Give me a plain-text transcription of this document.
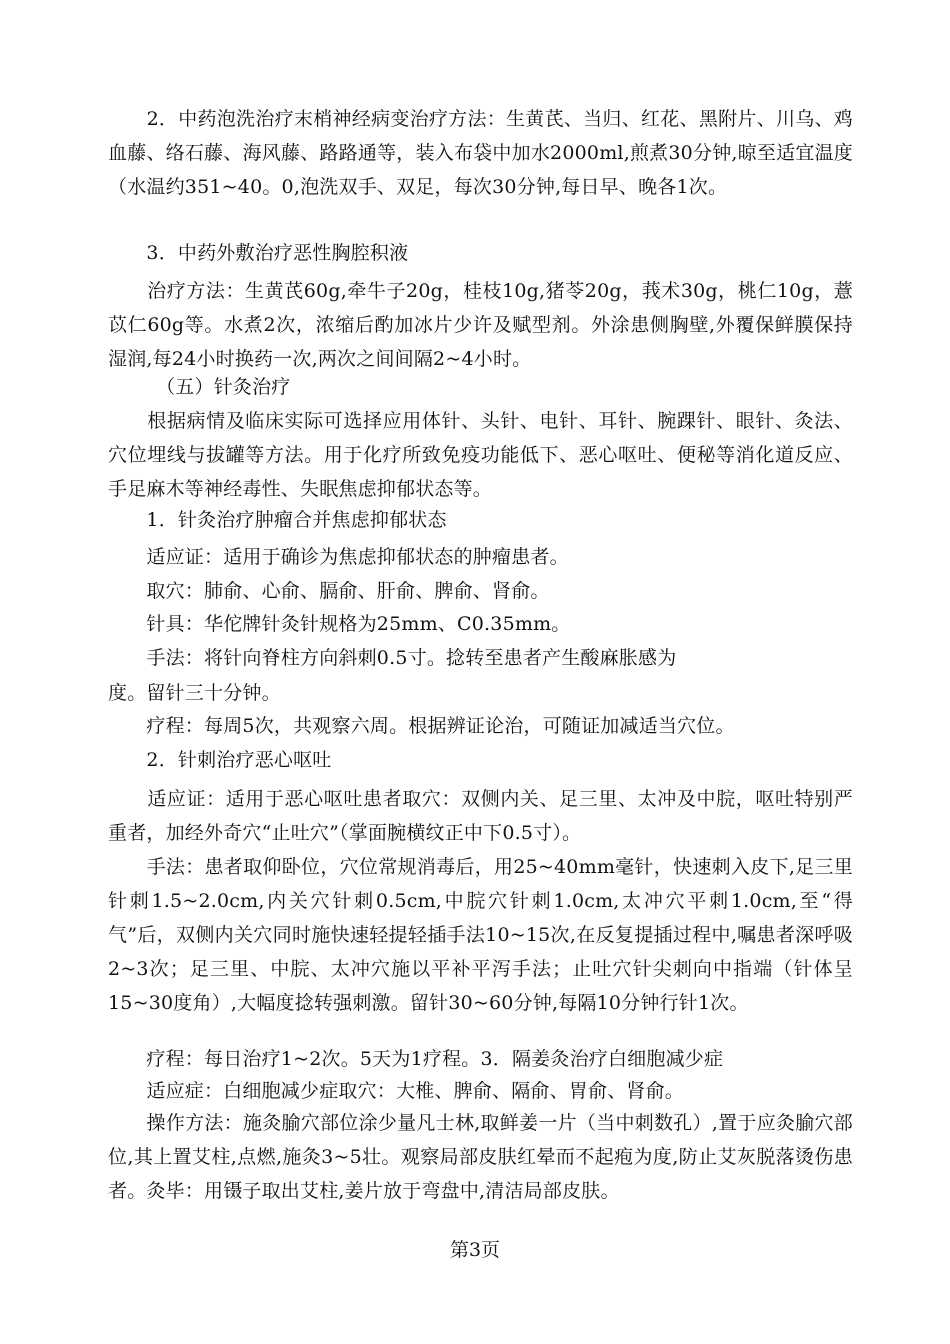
　　2．中药泡洗治疗末梢神经病变治疗方法：生黄芪、当归、红花、黑附片、川乌、鸡血藤、络石藤、海风藤、路路通等，装入布袋中加水2000ml,煎煮30分钟,晾至适宜温度（水温约351~40。0,泡洗双手、双足，每次30分钟,每日早、晚各1次。

　　3．中药外敷治疗恶性胸腔积液

　　治疗方法：生黄芪60g,牵牛子20g，桂枝10g,猪苓20g，莪术30g，桃仁10g，薏苡仁60g等。水煮2次，浓缩后酌加冰片少许及赋型剂。外涂患侧胸壁,外覆保鲜膜保持湿润,每24小时换药一次,两次之间间隔2~4小时。

　　　（五）针灸治疗

　　根据病情及临床实际可选择应用体针、头针、电针、耳针、腕踝针、眼针、灸法、穴位埋线与拔罐等方法。用于化疗所致免疫功能低下、恶心呕吐、便秘等消化道反应、手足麻木等神经毒性、失眠焦虑抑郁状态等。

　　1．针灸治疗肿瘤合并焦虑抑郁状态

　　适应证：适用于确诊为焦虑抑郁状态的肿瘤患者。

　　取穴：肺俞、心俞、膈俞、肝俞、脾俞、肾俞。

　　针具：华佗牌针灸针规格为25mm、C0.35mm。

　　手法：将针向脊柱方向斜刺0.5寸。捻转至患者产生酸麻胀感为

度。留针三十分钟。

　　疗程：每周5次，共观察六周。根据辨证论治，可随证加减适当穴位。

　　2．针刺治疗恶心呕吐

　　适应证：适用于恶心呕吐患者取穴：双侧内关、足三里、太冲及中脘，呕吐特别严重者，加经外奇穴“止吐穴”（掌面腕横纹正中下0.5寸）。

　　手法：患者取仰卧位，穴位常规消毒后，用25~40mm毫针，快速刺入皮下,足三里针刺1.5~2.0cm,内关穴针刺0.5cm,中脘穴针刺1.0cm,太冲穴平刺1.0cm,至“得气”后，双侧内关穴同时施快速轻提轻插手法10~15次,在反复提插过程中,嘱患者深呼吸2~3次；足三里、中脘、太冲穴施以平补平泻手法；止吐穴针尖刺向中指端（针体呈15~30度角）,大幅度捻转强刺激。留针30~60分钟,每隔10分钟行针1次。

　　疗程：每日治疗1~2次。5天为1疗程。3．隔姜灸治疗白细胞减少症

　　适应症：白细胞减少症取穴：大椎、脾俞、隔俞、胃俞、肾俞。

　　操作方法：施灸腧穴部位涂少量凡士林,取鲜姜一片（当中刺数孔）,置于应灸腧穴部位,其上置艾柱,点燃,施灸3~5壮。观察局部皮肤红晕而不起疱为度,防止艾灰脱落烫伤患者。灸毕：用镊子取出艾柱,姜片放于弯盘中,清洁局部皮肤。

第3页
